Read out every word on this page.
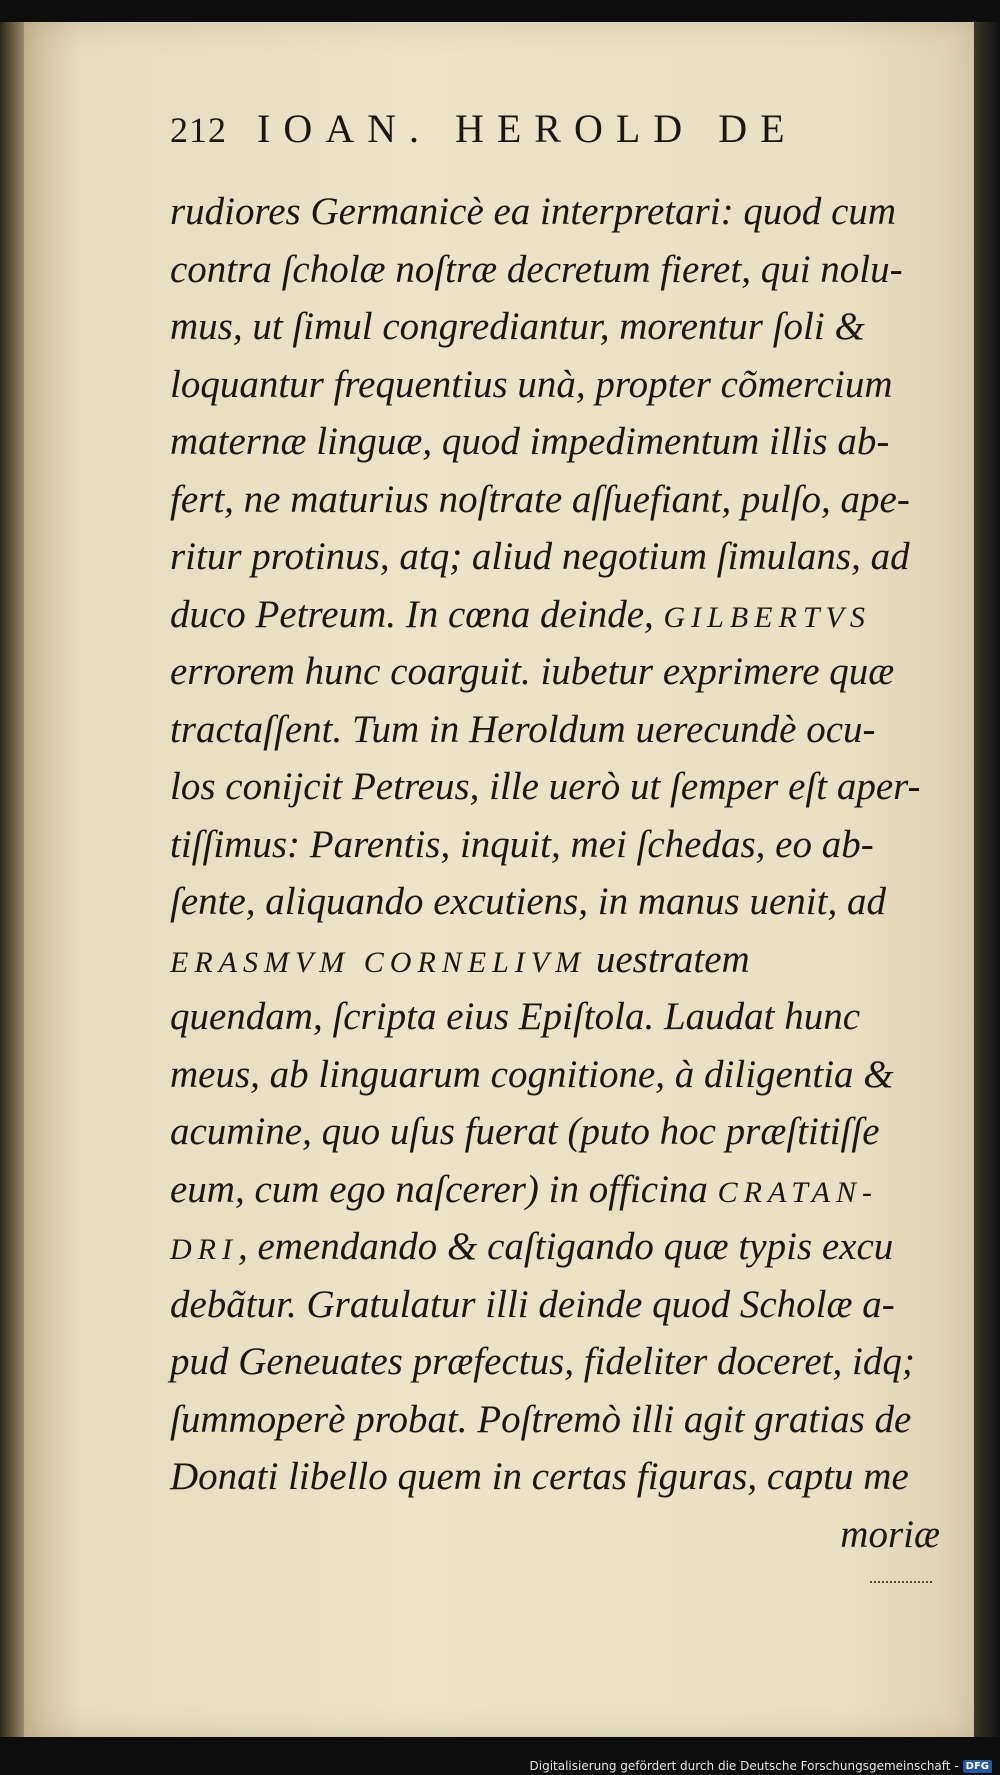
212 IOAN. HEROLD DE
rudiores Germanicè ea interpretari: quod cum
contra ſcholæ noſtræ decretum fieret, qui nolu-
mus, ut ſimul congrediantur, morentur ſoli &
loquantur frequentius unà, propter cõmercium
maternæ linguæ, quod impedimentum illis ab-
fert, ne maturius noſtrate aſſuefiant, pulſo, ape-
ritur protinus, atq; aliud negotium ſimulans, ad
duco Petreum. In cœna deinde, GILBERTVS
errorem hunc coarguit. iubetur exprimere quæ
tractaſſent. Tum in Heroldum uerecundè ocu-
los conijcit Petreus, ille uerò ut ſemper eſt aper-
tiſſimus: Parentis, inquit, mei ſchedas, eo ab-
ſente, aliquando excutiens, in manus uenit, ad
ERASMVM CORNELIVM uestratem
quendam, ſcripta eius Epiſtola. Laudat hunc
meus, ab linguarum cognitione, à diligentia &
acumine, quo uſus fuerat (puto hoc præſtitiſſe
eum, cum ego naſcerer) in officina CRATAN-
DRI, emendando & caſtigando quæ typis excu
debãtur. Gratulatur illi deinde quod Scholæ a-
pud Geneuates præfectus, fideliter doceret, idq;
ſummoperè probat. Poſtremò illi agit gratias de
Donati libello quem in certas figuras, captu me
moriæ
Digitalisierung gefördert durch die Deutsche Forschungsgemeinschaft - DFG
